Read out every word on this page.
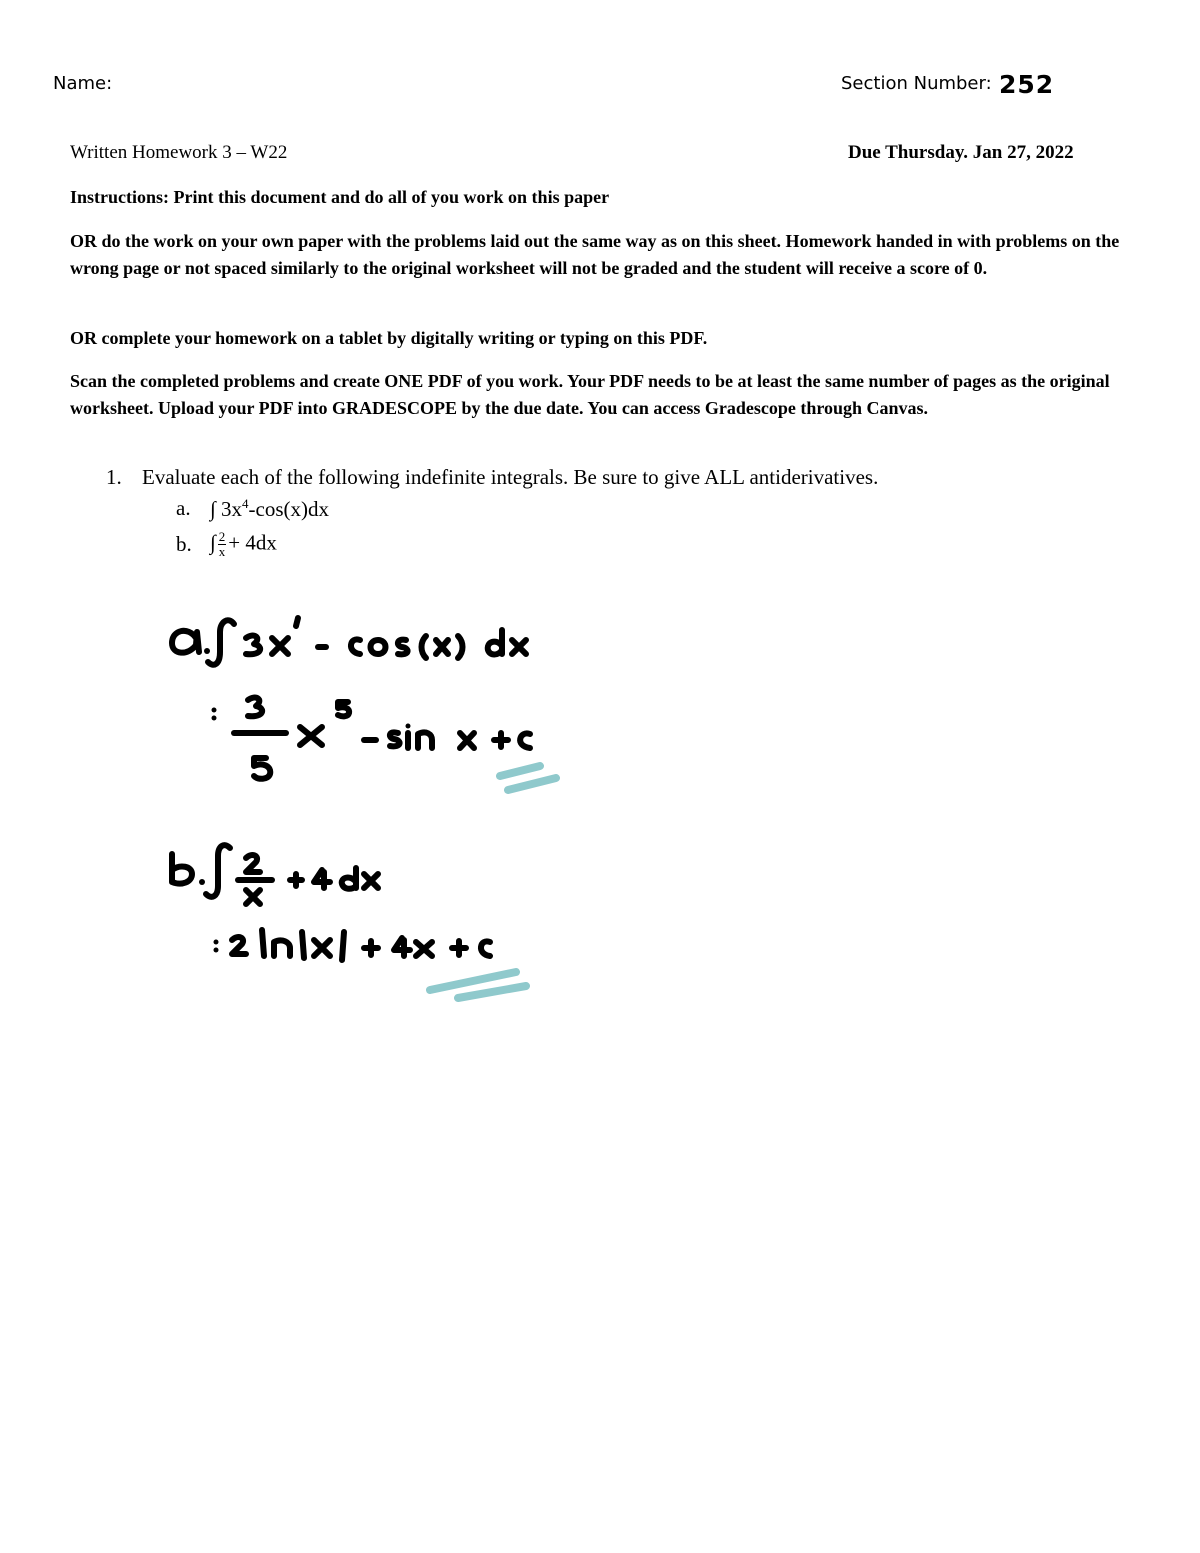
Name:	Section Number: 252
Written Homework 3 – W22	Due Thursday. Jan 27, 2022
Instructions: Print this document and do all of you work on this paper
OR do the work on your own paper with the problems laid out the same way as on this sheet. Homework handed in with problems on the wrong page or not spaced similarly to the original worksheet will not be graded and the student will receive a score of 0.
OR complete your homework on a tablet by digitally writing or typing on this PDF.
Scan the completed problems and create ONE PDF of you work. Your PDF needs to be at least the same number of pages as the original worksheet. Upload your PDF into GRADESCOPE by the due date. You can access Gradescope through Canvas.
1. Evaluate each of the following indefinite integrals. Be sure to give ALL antiderivatives.
a. ∫ $3x^4-\cos(x)dx$
b. ∫ $\frac{2}{x} + 4dx$
